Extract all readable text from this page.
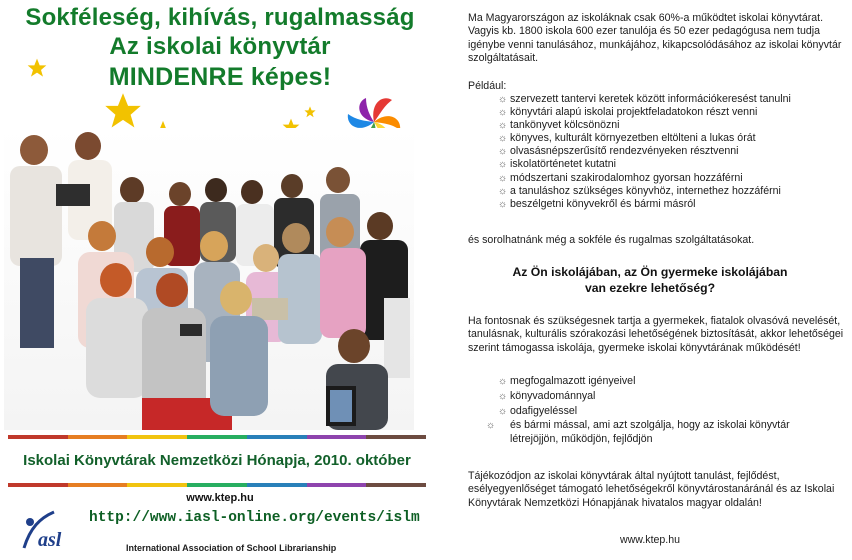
Sokféleség, kihívás, rugalmasság
Az iskolai könyvtár
MINDENRE képes!
Iskolai Könyvtárak Nemzetközi Hónapja, 2010. október
www.ktep.hu
asl
http://www.iasl-online.org/events/islm
International Association of School Librarianship

Ma Magyarországon az iskoláknak csak 60%-a működtet iskolai könyvtárat. Vagyis kb. 1800 iskola 600 ezer tanulója és 50 ezer pedagógusa nem tudja igénybe venni tanulásához, munkájához, kikapcsolódásához az iskolai könyvtár szolgáltatásait.

Például:
☼ szervezett tantervi keretek között információkeresést tanulni
☼ könyvtári alapú iskolai projektfeladatokon részt venni
☼ tankönyvet kölcsönözni
☼ könyves, kulturált környezetben eltölteni a lukas órát
☼ olvasásnépszerűsítő rendezvényeken résztvenni
☼ iskolatörténetet kutatni
☼ módszertani szakirodalomhoz gyorsan hozzáférni
☼ a tanuláshoz szükséges könyvhöz, internethez hozzáférni
☼ beszélgetni könyvekről és bármi másról
és sorolhatnánk még a sokféle és rugalmas szolgáltatásokat.
Az Ön iskolájában, az Ön gyermeke iskolájában
van ezekre lehetőség?

Ha fontosnak és szükségesnek tartja a gyermekek, fiatalok olvasóvá nevelését, tanulásnak, kulturális szórakozási lehetőségének biztosítását, akkor lehetőségei szerint támogassa iskolája, gyermeke iskolai könyvtárának működését!

☼ megfogalmazott igényeivel
☼ könyvadománnyal
☼ odafigyeléssel
☼ és bármi mással, ami azt szolgálja, hogy az iskolai könyvtár létrejöjjön, működjön, fejlődjön

Tájékozódjon az iskolai könyvtárak által nyújtott tanulást, fejlődést, esélyegyenlőséget támogató lehetőségekről könyvtárostanáránál és az Iskolai Könyvtárak Nemzetközi Hónapjának hivatalos magyar oldalán!

www.ktep.hu
